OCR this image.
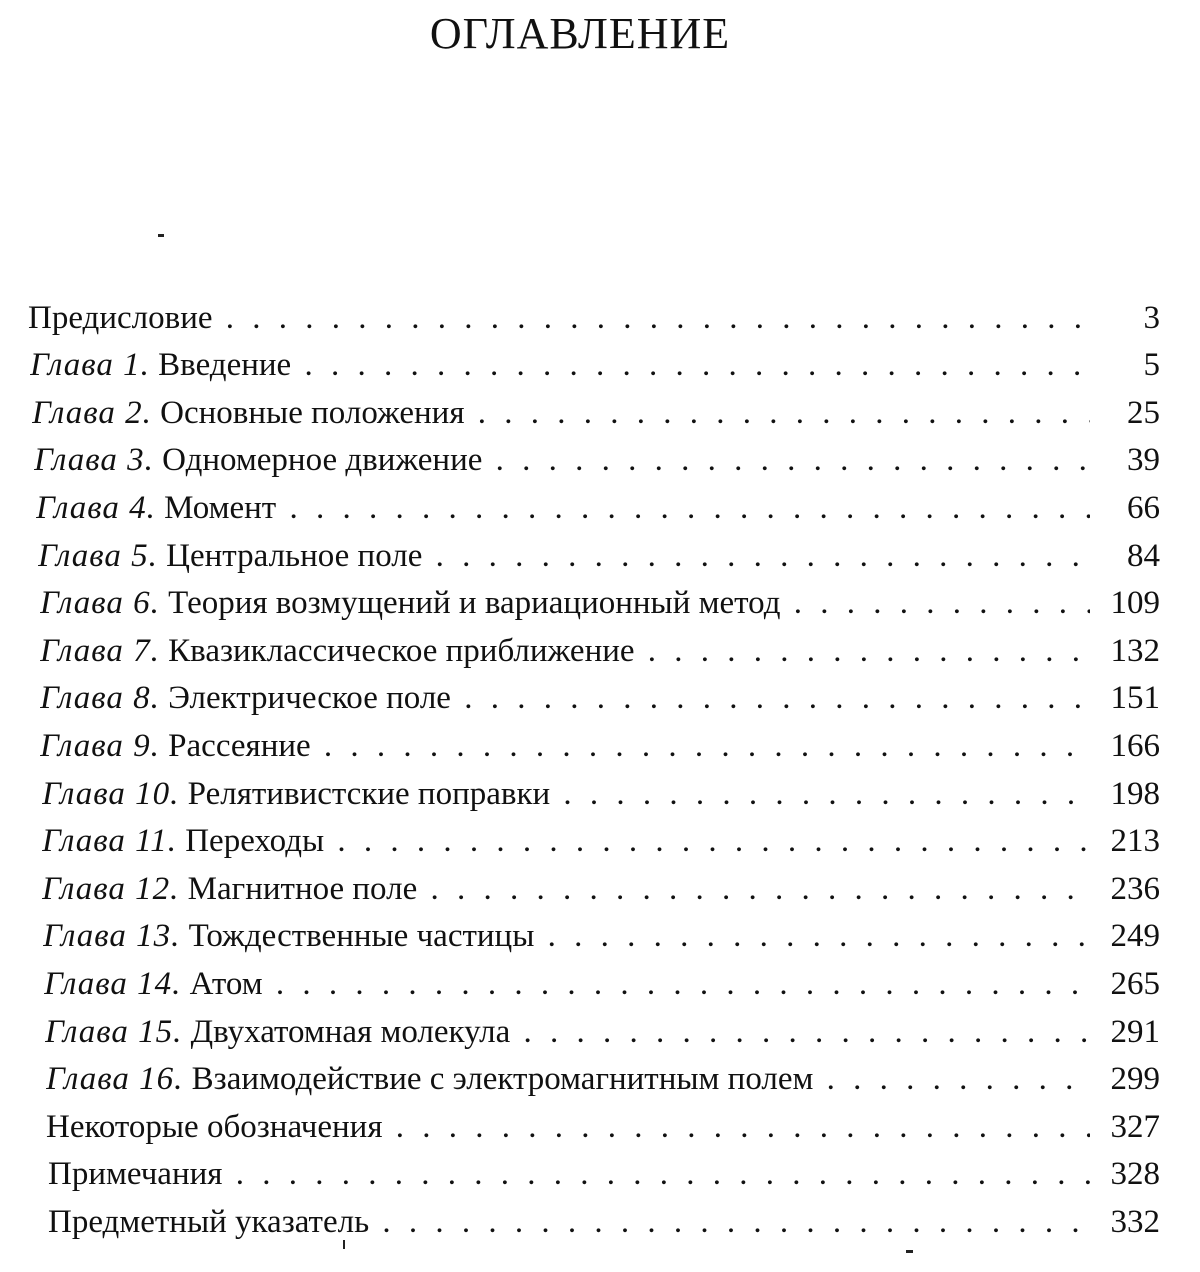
ОГЛАВЛЕНИЕ
Предисловие . . .	3
Глава 1. Введение . . .	5
Глава 2. Основные положения . . .	25
Глава 3. Одномерное движение . . .	39
Глава 4. Момент . . .	66
Глава 5. Центральное поле . . .	84
Глава 6. Теория возмущений и вариационный метод . . .	109
Глава 7. Квазиклассическое приближение . . .	132
Глава 8. Электрическое поле . . .	151
Глава 9. Рассеяние . . .	166
Глава 10. Релятивистские поправки . . .	198
Глава 11. Переходы . . .	213
Глава 12. Магнитное поле . . .	236
Глава 13. Тождественные частицы . . .	249
Глава 14. Атом . . .	265
Глава 15. Двухатомная молекула . . .	291
Глава 16. Взаимодействие с электромагнитным полем . . .	299
Некоторые обозначения . . .	327
Примечания . . .	328
Предметный указатель . . .	332
